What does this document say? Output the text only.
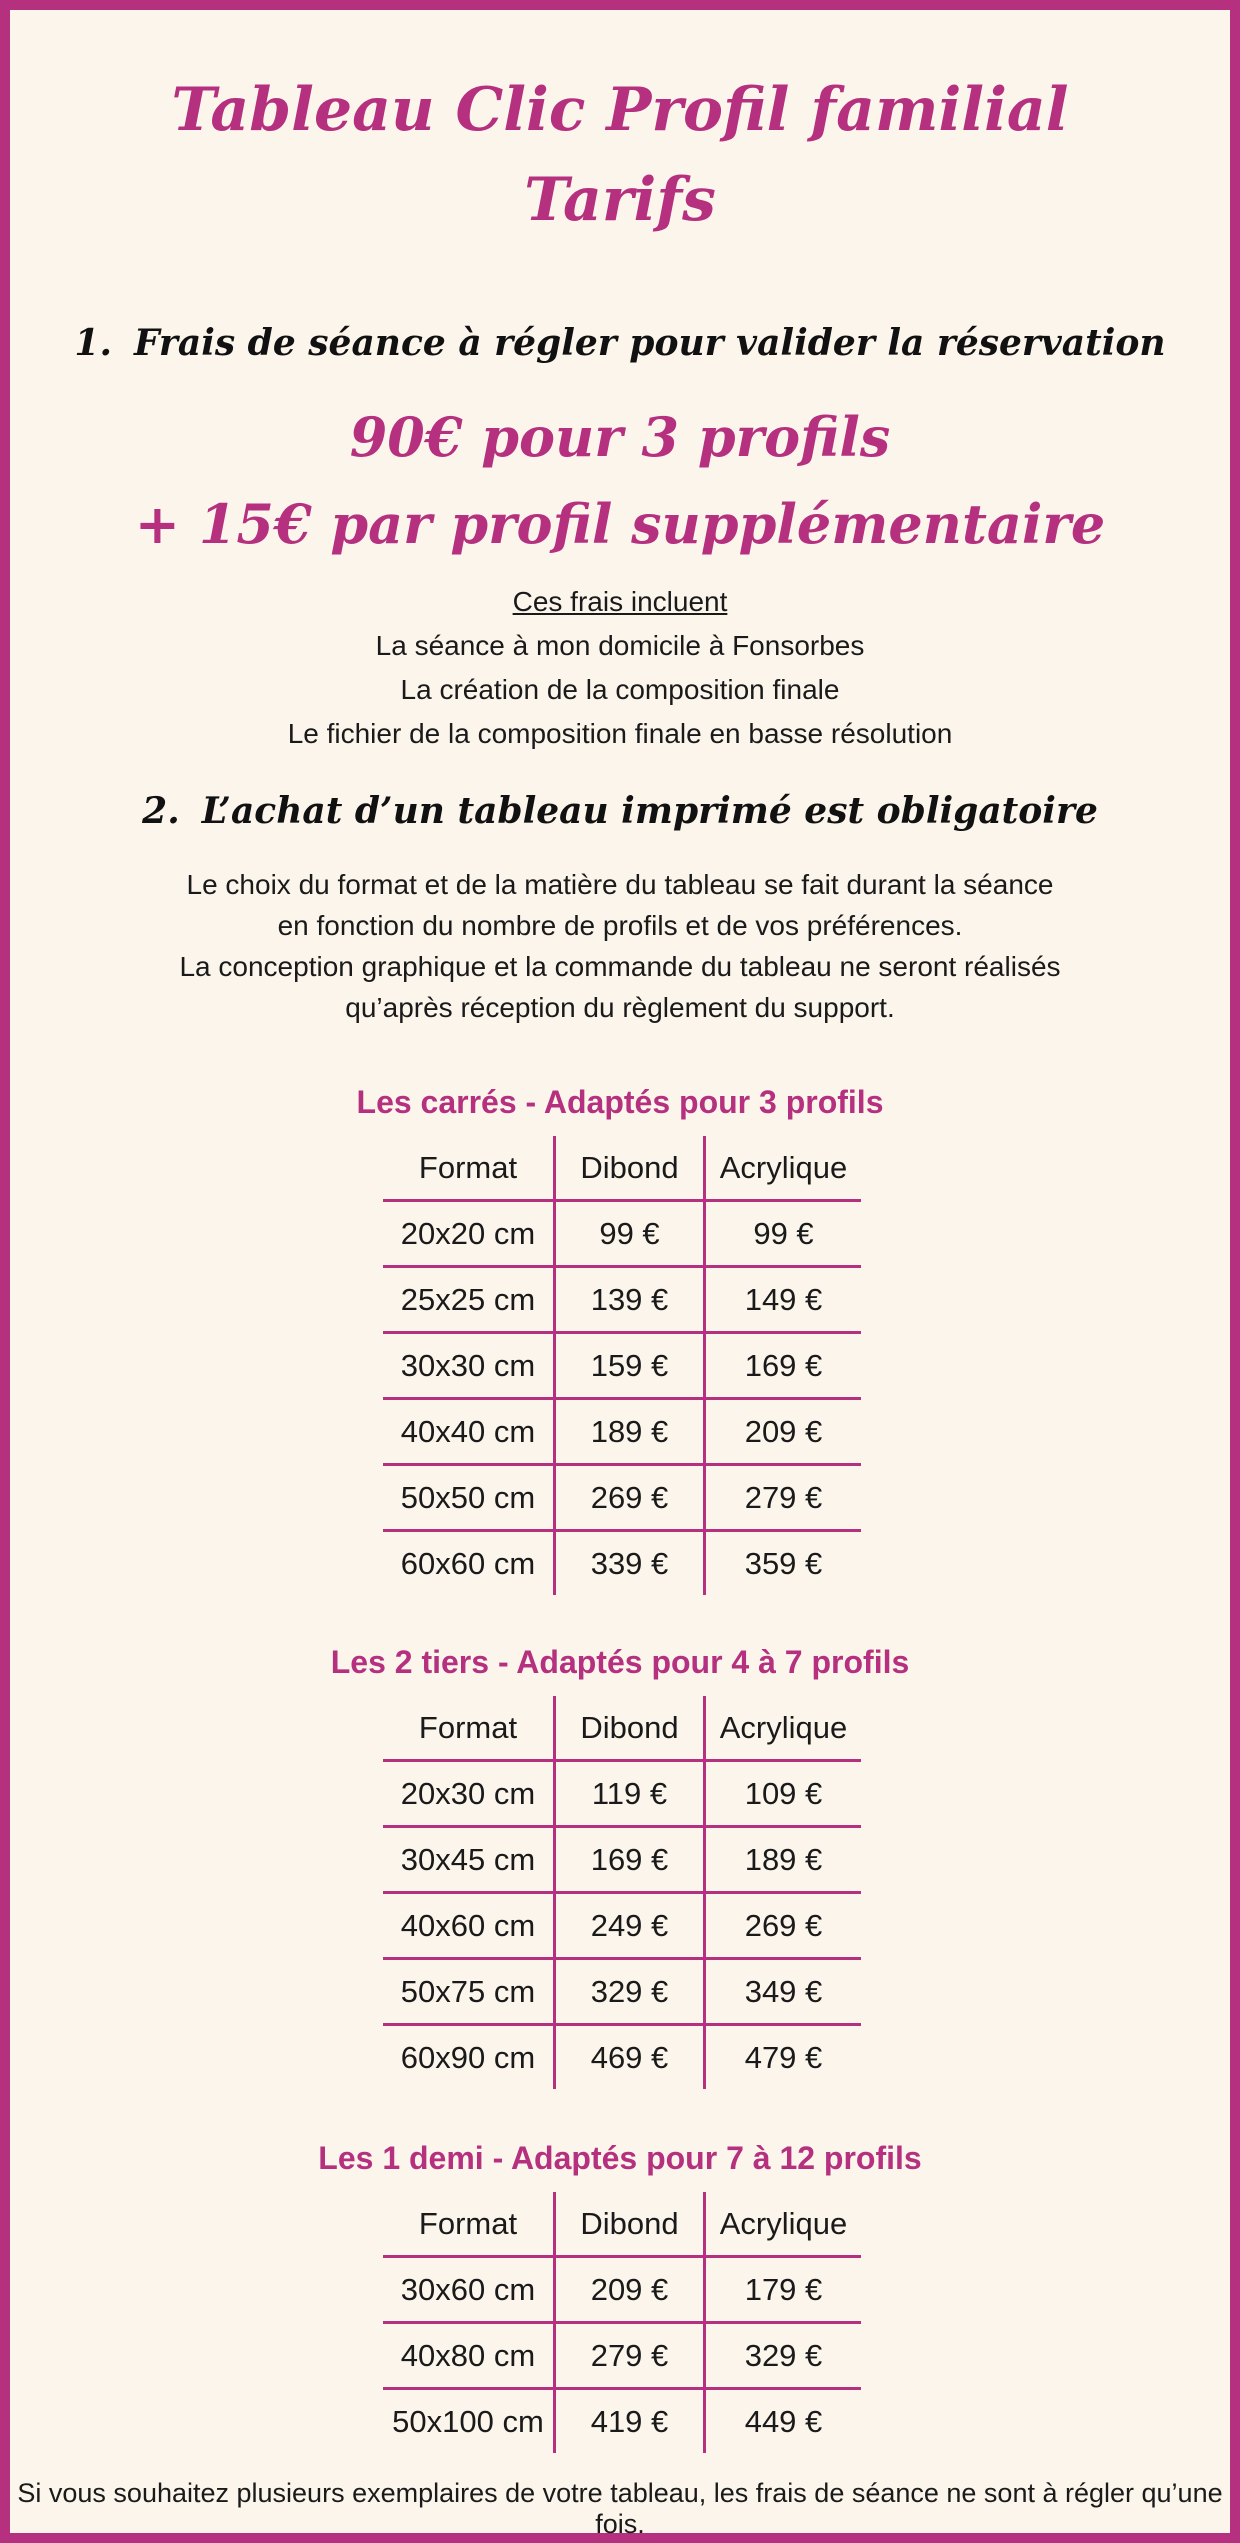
Tableau Clic Profil familial
Tarifs
1. Frais de séance à régler pour valider la réservation
90€ pour 3 profils
+ 15€ par profil supplémentaire
Ces frais incluent
La séance à mon domicile à Fonsorbes
La création de la composition finale
Le fichier de la composition finale en basse résolution
2. L’achat d’un tableau imprimé est obligatoire
Le choix du format et de la matière du tableau se fait durant la séance
en fonction du nombre de profils et de vos préférences.
La conception graphique et la commande du tableau ne seront réalisés
qu’après réception du règlement du support.
Les carrés - Adaptés pour 3 profils
Format	Dibond	Acrylique
20x20 cm	99 €	99 €
25x25 cm	139 €	149 €
30x30 cm	159 €	169 €
40x40 cm	189 €	209 €
50x50 cm	269 €	279 €
60x60 cm	339 €	359 €
Les 2 tiers - Adaptés pour 4 à 7 profils
Format	Dibond	Acrylique
20x30 cm	119 €	109 €
30x45 cm	169 €	189 €
40x60 cm	249 €	269 €
50x75 cm	329 €	349 €
60x90 cm	469 €	479 €
Les 1 demi - Adaptés pour 7 à 12 profils
Format	Dibond	Acrylique
30x60 cm	209 €	179 €
40x80 cm	279 €	329 €
50x100 cm	419 €	449 €
Si vous souhaitez plusieurs exemplaires de votre tableau, les frais de séance ne sont à régler qu’une fois.
